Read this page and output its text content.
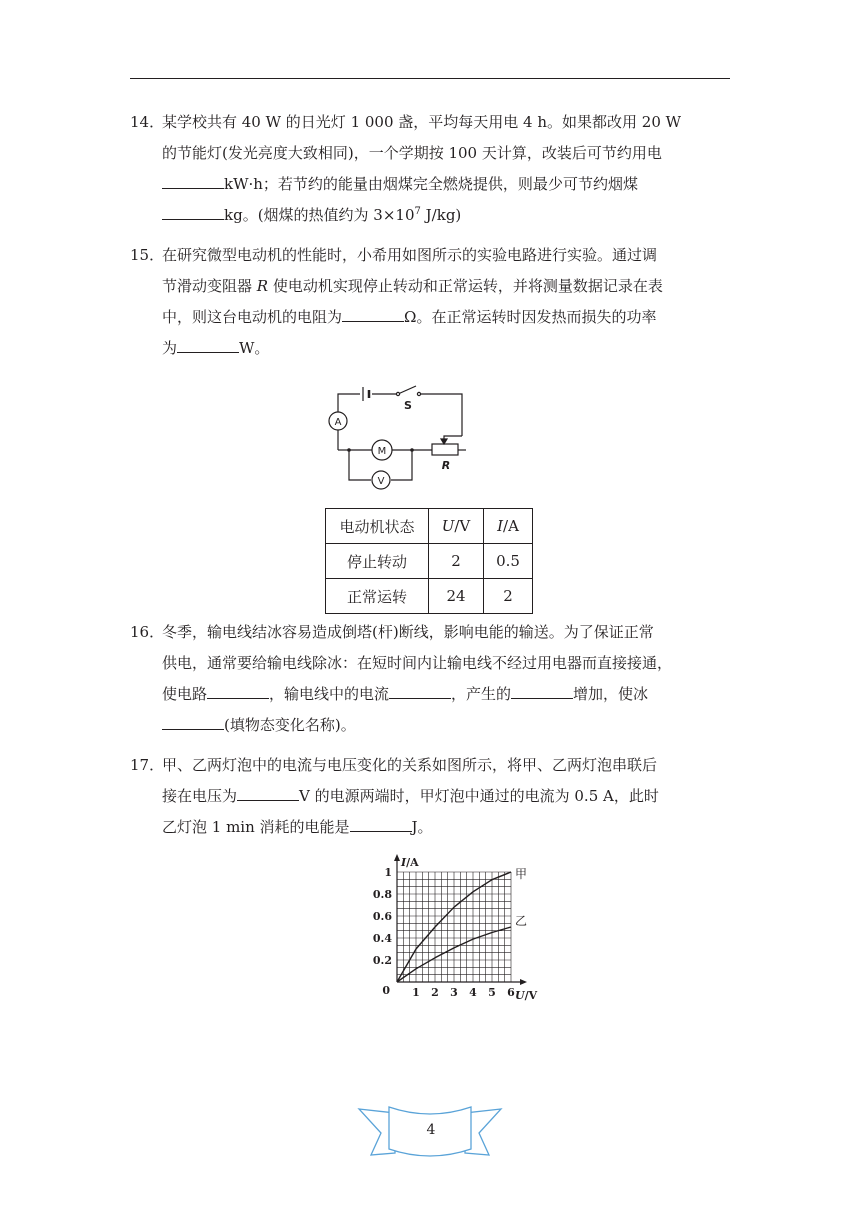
14．某学校共有 40 W 的日光灯 1 000 盏，平均每天用电 4 h。如果都改用 20 W
的节能灯(发光亮度大致相同)，一个学期按 100 天计算，改装后可节约用电
kW·h；若节约的能量由烟煤完全燃烧提供，则最少可节约烟煤
kg。(烟煤的热值约为 $3\times 10^7$ J/kg)
15．在研究微型电动机的性能时，小希用如图所示的实验电路进行实验。通过调
节滑动变阻器 R 使电动机实现停止转动和正常运转，并将测量数据记录在表
中，则这台电动机的电阻为	Ω。在正常运转时因发热而损失的功率
为	W。
A
M
V
S
R
电动机状态	U/V	I/A
停止转动	2	0.5
正常运转	24	2
16．冬季，输电线结冰容易造成倒塔(杆)断线，影响电能的输送。为了保证正常
供电，通常要给输电线除冰：在短时间内让输电线不经过用电器而直接接通，
使电路	，输电线中的电流	，产生的	增加，使冰
(填物态变化名称)。
17．甲、乙两灯泡中的电流与电压变化的关系如图所示，将甲、乙两灯泡串联后
接在电压为	V 的电源两端时，甲灯泡中通过的电流为 0.5 A，此时
乙灯泡 1 min 消耗的电能是	J。
1 2 3 4 5 6
0.2
0.4
0.6
0.8
1
0
I/A
U/V
甲
乙
4
